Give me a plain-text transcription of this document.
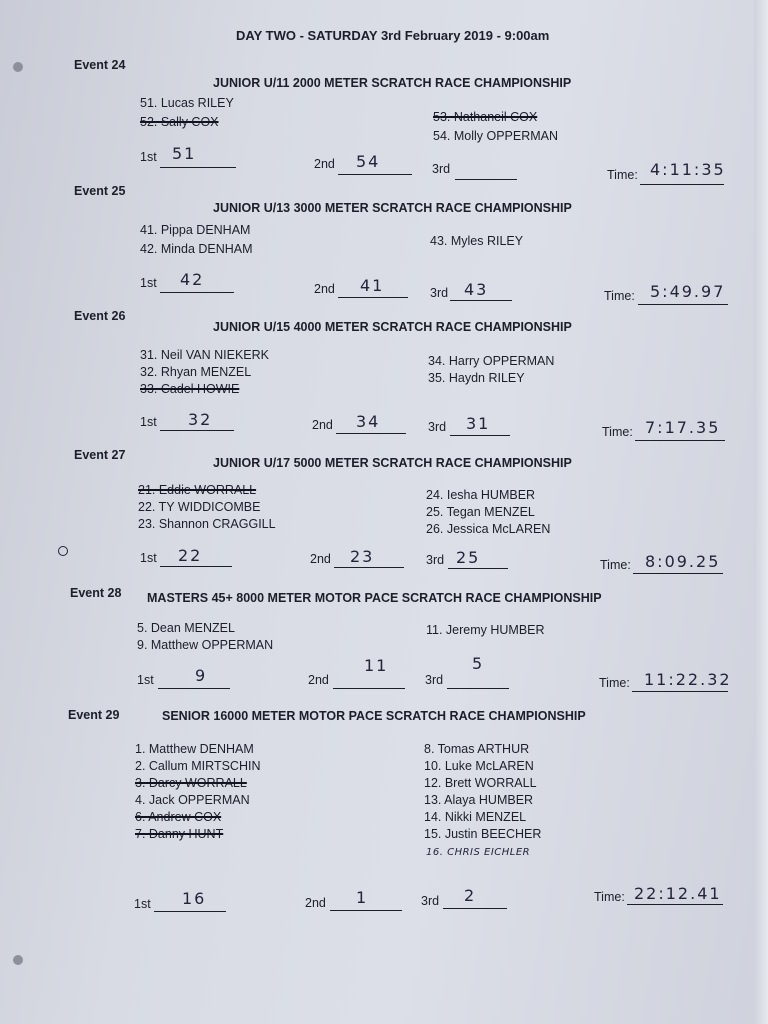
DAY TWO - SATURDAY 3rd February 2019 - 9:00am
Event 24
JUNIOR U/11 2000 METER SCRATCH RACE CHAMPIONSHIP
51. Lucas RILEY
52. Sally COX	53. Nathaneil COX
54. Molly OPPERMAN
1st 51
2nd 54	3rd	Time: 4:11:35
Event 25
JUNIOR U/13 3000 METER SCRATCH RACE CHAMPIONSHIP
41. Pippa DENHAM
42. Minda DENHAM
43. Myles RILEY
1st 42	2nd 41	3rd 43	Time: 5:49.97
Event 26
JUNIOR U/15 4000 METER SCRATCH RACE CHAMPIONSHIP
31. Neil VAN NIEKERK
32. Rhyan MENZEL
33. Cadel HOWIE
34. Harry OPPERMAN
35. Haydn RILEY
1st 32	2nd 34	3rd 31	Time: 7:17.35
Event 27
JUNIOR U/17 5000 METER SCRATCH RACE CHAMPIONSHIP
21. Eddie WORRALL
22. TY WIDDICOMBE
23. Shannon CRAGGILL
24. Iesha HUMBER
25. Tegan MENZEL
26. Jessica McLAREN
1st 22	2nd 23	3rd 25	Time: 8:09.25
Event 28 MASTERS 45+ 8000 METER MOTOR PACE SCRATCH RACE CHAMPIONSHIP
5. Dean MENZEL
9. Matthew OPPERMAN
11. Jeremy HUMBER
1st	9	2nd
11
3rd
5
Time: 11:22.32
Event 29	SENIOR 16000 METER MOTOR PACE SCRATCH RACE CHAMPIONSHIP
1. Matthew DENHAM
2. Callum MIRTSCHIN
3. Darcy WORRALL
4. Jack OPPERMAN
6. Andrew COX
7. Danny HUNT
8. Tomas ARTHUR
10. Luke McLAREN
12. Brett WORRALL
13. Alaya HUMBER
14. Nikki MENZEL
15. Justin BEECHER
16. CHRIS EICHLER
1st 16	2nd 1	3rd 2	Time: 22:12.41
